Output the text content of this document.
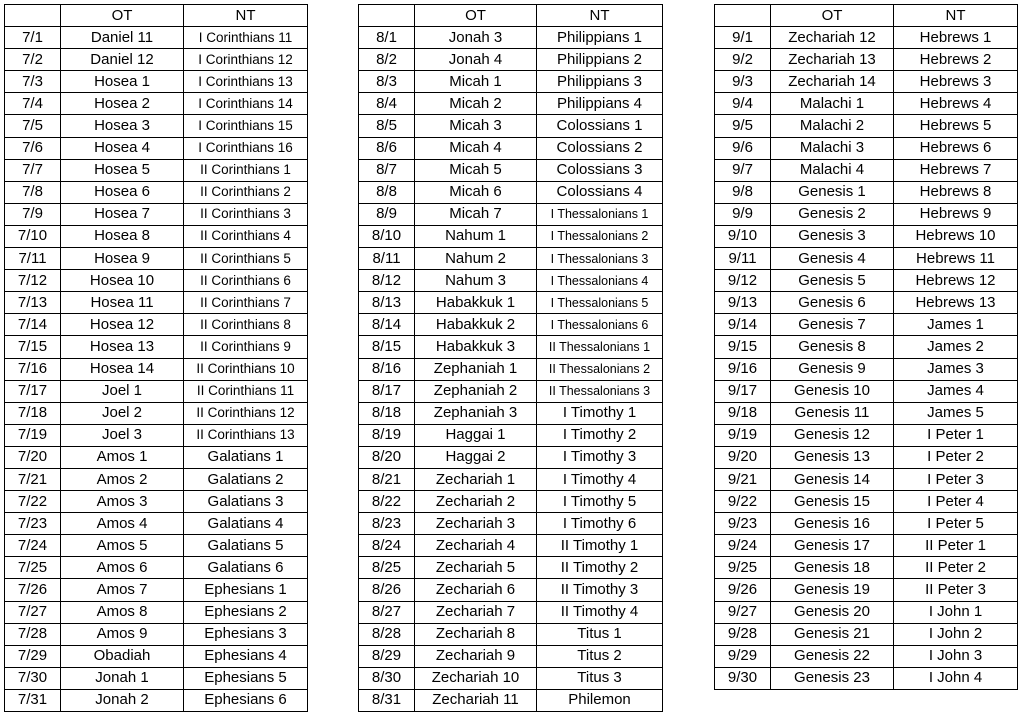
	OT	NT
7/1	Daniel 11	I Corinthians 11
7/2	Daniel 12	I Corinthians 12
7/3	Hosea 1	I Corinthians 13
7/4	Hosea 2	I Corinthians 14
7/5	Hosea 3	I Corinthians 15
7/6	Hosea 4	I Corinthians 16
7/7	Hosea 5	II Corinthians 1
7/8	Hosea 6	II Corinthians 2
7/9	Hosea 7	II Corinthians 3
7/10	Hosea 8	II Corinthians 4
7/11	Hosea 9	II Corinthians 5
7/12	Hosea 10	II Corinthians 6
7/13	Hosea 11	II Corinthians 7
7/14	Hosea 12	II Corinthians 8
7/15	Hosea 13	II Corinthians 9
7/16	Hosea 14	II Corinthians 10
7/17	Joel 1	II Corinthians 11
7/18	Joel 2	II Corinthians 12
7/19	Joel 3	II Corinthians 13
7/20	Amos 1	Galatians 1
7/21	Amos 2	Galatians 2
7/22	Amos 3	Galatians 3
7/23	Amos 4	Galatians 4
7/24	Amos 5	Galatians 5
7/25	Amos 6	Galatians 6
7/26	Amos 7	Ephesians 1
7/27	Amos 8	Ephesians 2
7/28	Amos 9	Ephesians 3
7/29	Obadiah	Ephesians 4
7/30	Jonah 1	Ephesians 5
7/31	Jonah 2	Ephesians 6
	OT	NT
8/1	Jonah 3	Philippians 1
8/2	Jonah 4	Philippians 2
8/3	Micah 1	Philippians 3
8/4	Micah 2	Philippians 4
8/5	Micah 3	Colossians 1
8/6	Micah 4	Colossians 2
8/7	Micah 5	Colossians 3
8/8	Micah 6	Colossians 4
8/9	Micah 7	I Thessalonians 1
8/10	Nahum 1	I Thessalonians 2
8/11	Nahum 2	I Thessalonians 3
8/12	Nahum 3	I Thessalonians 4
8/13	Habakkuk 1	I Thessalonians 5
8/14	Habakkuk 2	I Thessalonians 6
8/15	Habakkuk 3	II Thessalonians 1
8/16	Zephaniah 1	II Thessalonians 2
8/17	Zephaniah 2	II Thessalonians 3
8/18	Zephaniah 3	I Timothy 1
8/19	Haggai 1	I Timothy 2
8/20	Haggai 2	I Timothy 3
8/21	Zechariah 1	I Timothy 4
8/22	Zechariah 2	I Timothy 5
8/23	Zechariah 3	I Timothy 6
8/24	Zechariah 4	II Timothy 1
8/25	Zechariah 5	II Timothy 2
8/26	Zechariah 6	II Timothy 3
8/27	Zechariah 7	II Timothy 4
8/28	Zechariah 8	Titus 1
8/29	Zechariah 9	Titus 2
8/30	Zechariah 10	Titus 3
8/31	Zechariah 11	Philemon
	OT	NT
9/1	Zechariah 12	Hebrews 1
9/2	Zechariah 13	Hebrews 2
9/3	Zechariah 14	Hebrews 3
9/4	Malachi 1	Hebrews 4
9/5	Malachi 2	Hebrews 5
9/6	Malachi 3	Hebrews 6
9/7	Malachi 4	Hebrews 7
9/8	Genesis 1	Hebrews 8
9/9	Genesis 2	Hebrews 9
9/10	Genesis 3	Hebrews 10
9/11	Genesis 4	Hebrews 11
9/12	Genesis 5	Hebrews 12
9/13	Genesis 6	Hebrews 13
9/14	Genesis 7	James 1
9/15	Genesis 8	James 2
9/16	Genesis 9	James 3
9/17	Genesis 10	James 4
9/18	Genesis 11	James 5
9/19	Genesis 12	I Peter 1
9/20	Genesis 13	I Peter 2
9/21	Genesis 14	I Peter 3
9/22	Genesis 15	I Peter 4
9/23	Genesis 16	I Peter 5
9/24	Genesis 17	II Peter 1
9/25	Genesis 18	II Peter 2
9/26	Genesis 19	II Peter 3
9/27	Genesis 20	I John 1
9/28	Genesis 21	I John 2
9/29	Genesis 22	I John 3
9/30	Genesis 23	I John 4
